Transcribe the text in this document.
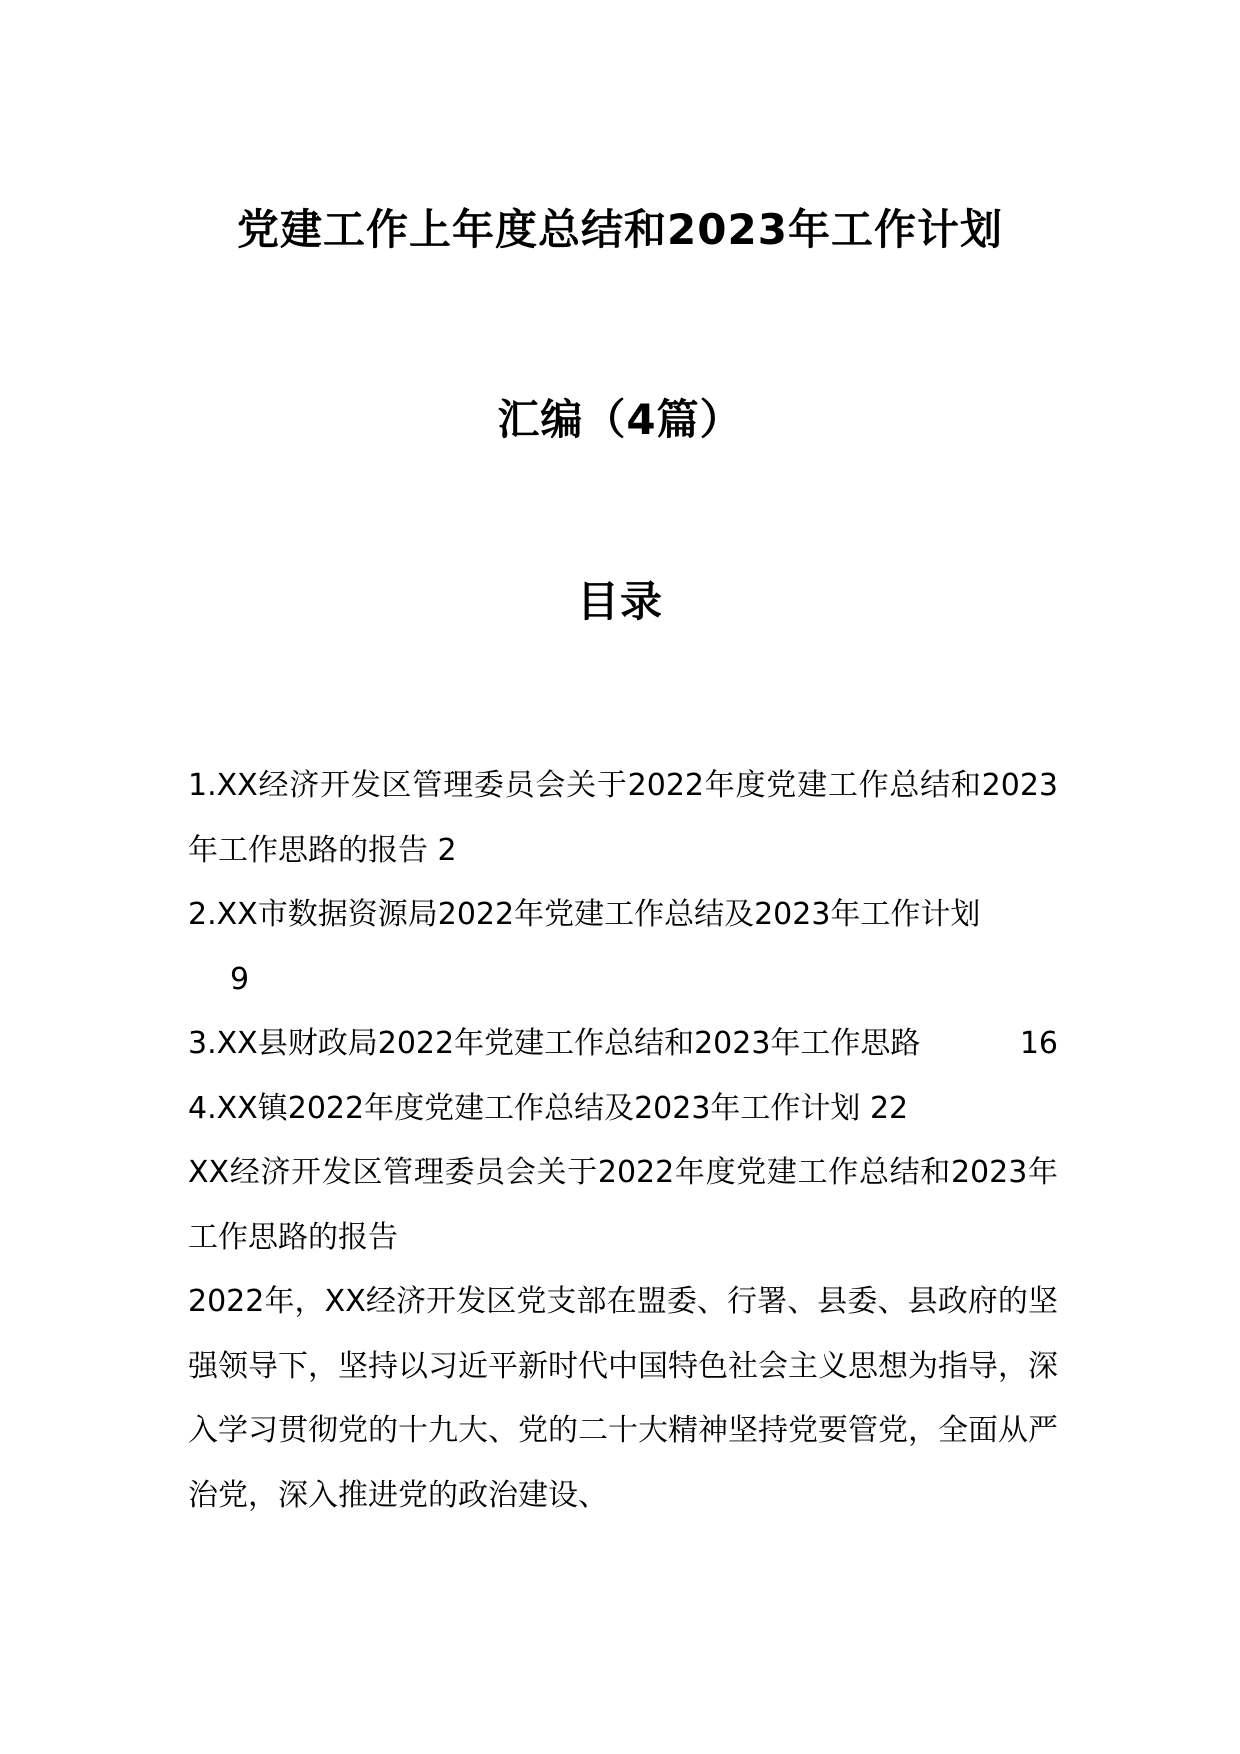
党建工作上年度总结和2023年工作计划
汇编（4篇）
目录
1.XX经济开发区管理委员会关于2022年度党建工作总结和2023年工作思路的报告 2
2.XX市数据资源局2022年党建工作总结及2023年工作计划
9
3.XX县财政局2022年党建工作总结和2023年工作思路	16
4.XX镇2022年度党建工作总结及2023年工作计划 22
XX经济开发区管理委员会关于2022年度党建工作总结和2023年工作思路的报告
2022年，XX经济开发区党支部在盟委、行署、县委、县政府的坚强领导下，坚持以习近平新时代中国特色社会主义思想为指导，深入学习贯彻党的十九大、党的二十大精神坚持党要管党，全面从严治党，深入推进党的政治建设、
